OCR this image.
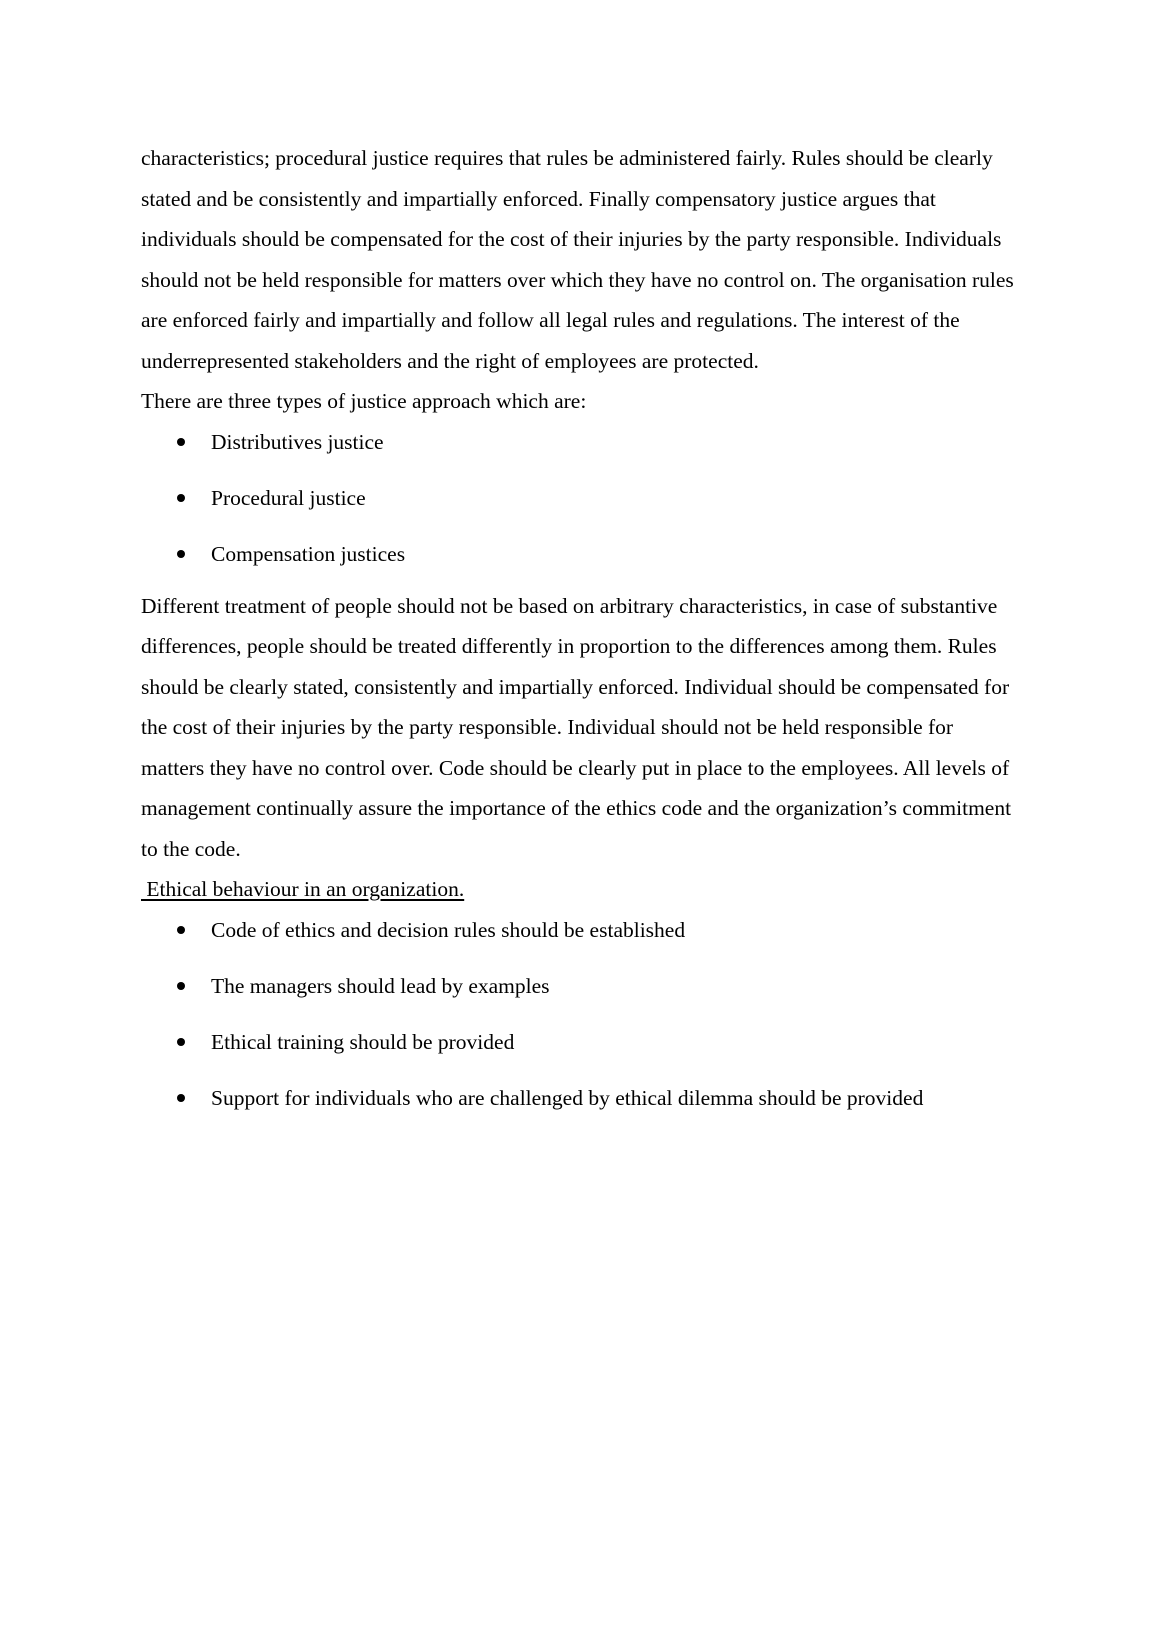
characteristics; procedural justice requires that rules be administered fairly. Rules should be clearly stated and be consistently and impartially enforced. Finally compensatory justice argues that individuals should be compensated for the cost of their injuries by the party responsible. Individuals should not be held responsible for matters over which they have no control on. The organisation rules are enforced fairly and impartially and follow all legal rules and regulations. The interest of the underrepresented stakeholders and the right of employees are protected.

There are three types of justice approach which are:

Distributives justice
Procedural justice
Compensation justices

Different treatment of people should not be based on arbitrary characteristics, in case of substantive differences, people should be treated differently in proportion to the differences among them. Rules should be clearly stated, consistently and impartially enforced. Individual should be compensated for the cost of their injuries by the party responsible. Individual should not be held responsible for matters they have no control over. Code should be clearly put in place to the employees. All levels of management continually assure the importance of the ethics code and the organization’s commitment to the code.

Ethical behaviour in an organization.

Code of ethics and decision rules should be established
The managers should lead by examples
Ethical training should be provided
Support for individuals who are challenged by ethical dilemma should be provided
